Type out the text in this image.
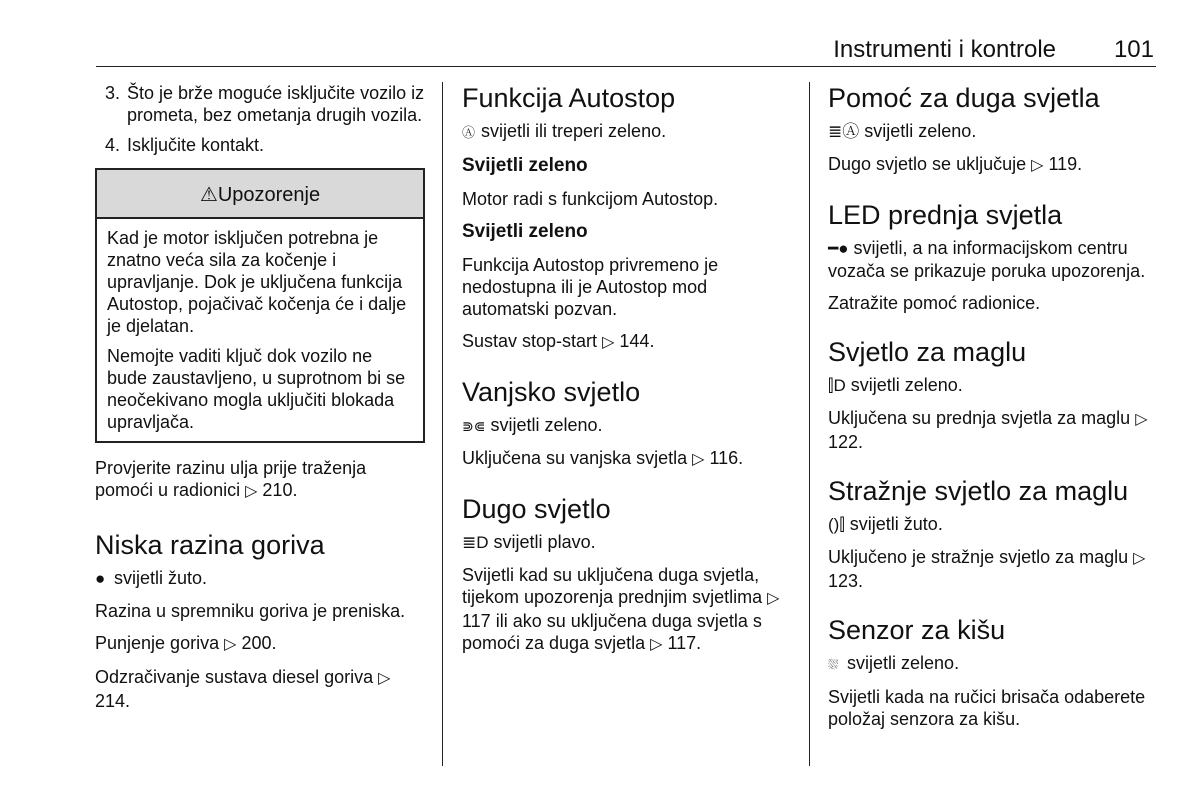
Instrumenti i kontrole 101
3. Što je brže moguće isključite vozilo iz prometa, bez ometanja drugih vozila.
4. Isključite kontakt.
⚠Upozorenje

Kad je motor isključen potrebna je znatno veća sila za kočenje i upravljanje. Dok je uključena funkcija Autostop, pojačivač kočenja će i dalje je djelatan.

Nemojte vaditi ključ dok vozilo ne bude zaustavljeno, u suprotnom bi se neočekivano mogla uključiti blokada upravljača.

Provjerite razinu ulja prije traženja pomoći u radionici ▷ 210.

Niska razina goriva

● svijetli žuto.

Razina u spremniku goriva je preniska.

Punjenje goriva ▷ 200.

Odzračivanje sustava diesel goriva ▷ 214.

Funkcija Autostop

Ⓐ svijetli ili treperi zeleno.

Svijetli zeleno

Motor radi s funkcijom Autostop.

Svijetli zeleno

Funkcija Autostop privremeno je nedostupna ili je Autostop mod automatski pozvan.

Sustav stop-start ▷ 144.

Vanjsko svjetlo

⋑⋐ svijetli zeleno.

Uključena su vanjska svjetla ▷ 116.

Dugo svjetlo

≣D svijetli plavo.

Svijetli kad su uključena duga svjetla, tijekom upozorenja prednjim svjetlima ▷ 117 ili ako su uključena duga svjetla s pomoći za duga svjetla ▷ 117.

Pomoć za duga svjetla

≣Ⓐ svijetli zeleno.

Dugo svjetlo se uključuje ▷ 119.

LED prednja svjetla

━● svijetli, a na informacijskom centru vozača se prikazuje poruka upozorenja.

Zatražite pomoć radionice.

Svjetlo za maglu

⫿D svijetli zeleno.

Uključena su prednja svjetla za maglu ▷ 122.

Stražnje svjetlo za maglu

()⫿ svijetli žuto.

Uključeno je stražnje svjetlo za maglu ▷ 123.

Senzor za kišu

⛆ svijetli zeleno.

Svijetli kada na ručici brisača odaberete položaj senzora za kišu.
